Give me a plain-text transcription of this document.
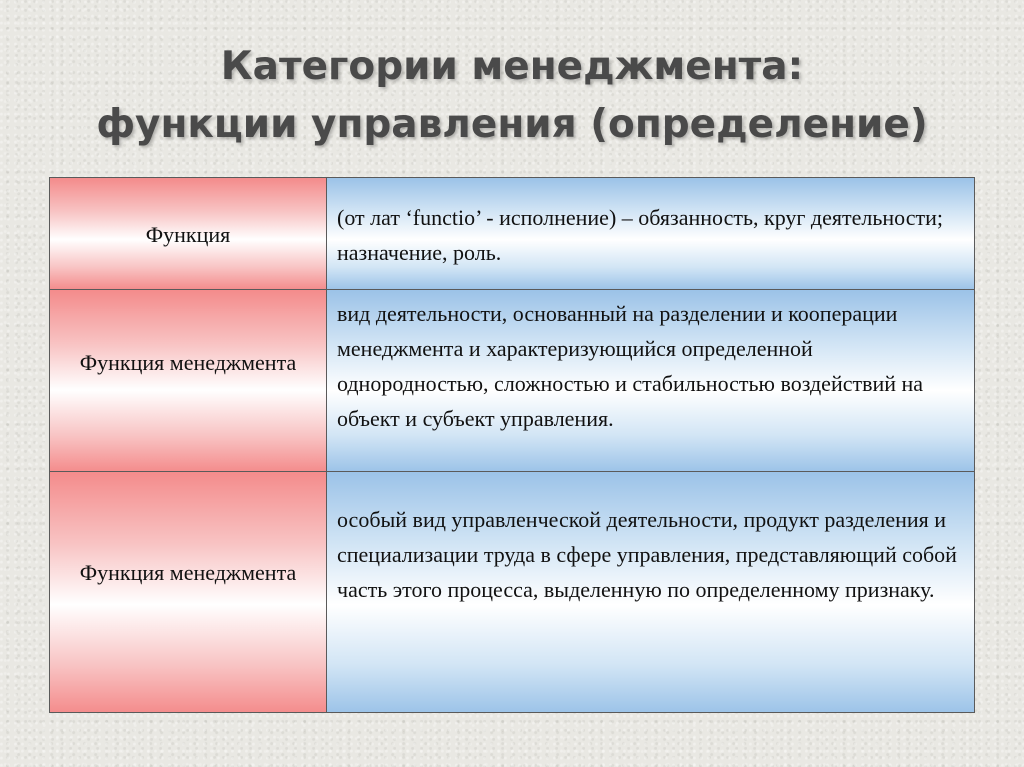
Категории менеджмента:
функции управления (определение)
Функция	(от лат ‘functio’ - исполнение) – обязанность, круг деятельности; назначение, роль.

Функция менеджмента	вид деятельности, основанный на разделении и кооперации менеджмента и характеризующийся определенной однородностью, сложностью и стабильностью воздействий на объект и субъект управления.

Функция менеджмента	особый вид управленческой деятельности, продукт разделения и специализации труда в сфере управления, представляющий собой часть этого процесса, выделенную по определенному признаку.
